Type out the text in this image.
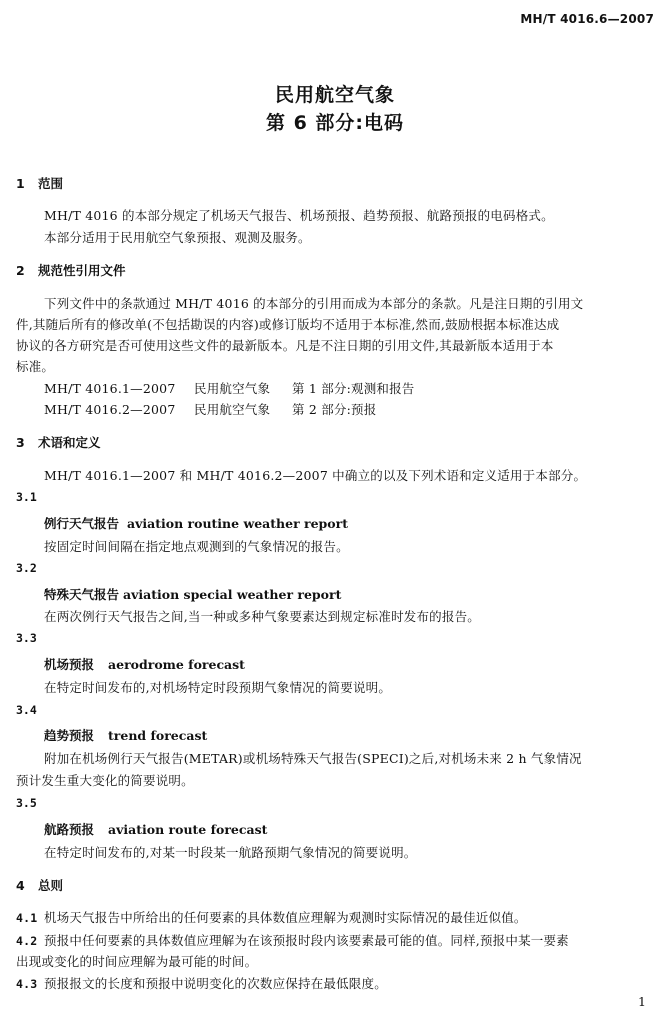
MH/T 4016.6—2007
民用航空气象
第 6 部分:电码
1 范围
MH/T 4016 的本部分规定了机场天气报告、机场预报、趋势预报、航路预报的电码格式。
本部分适用于民用航空气象预报、观测及服务。
2 规范性引用文件
下列文件中的条款通过 MH/T 4016 的本部分的引用而成为本部分的条款。凡是注日期的引用文
件,其随后所有的修改单(不包括勘误的内容)或修订版均不适用于本标准,然而,鼓励根据本标准达成
协议的各方研究是否可使用这些文件的最新版本。凡是不注日期的引用文件,其最新版本适用于本
标准。
MH/T 4016.1—2007 民用航空气象 第 1 部分:观测和报告
MH/T 4016.2—2007 民用航空气象 第 2 部分:预报
3 术语和定义
MH/T 4016.1—2007 和 MH/T 4016.2—2007 中确立的以及下列术语和定义适用于本部分。
3.1
例行天气报告 aviation routine weather report
按固定时间间隔在指定地点观测到的气象情况的报告。
3.2
特殊天气报告 aviation special weather report
在两次例行天气报告之间,当一种或多种气象要素达到规定标准时发布的报告。
3.3
机场预报 aerodrome forecast
在特定时间发布的,对机场特定时段预期气象情况的简要说明。
3.4
趋势预报 trend forecast
附加在机场例行天气报告(METAR)或机场特殊天气报告(SPECI)之后,对机场未来 2 h 气象情况
预计发生重大变化的简要说明。
3.5
航路预报 aviation route forecast
在特定时间发布的,对某一时段某一航路预期气象情况的简要说明。
4 总则
4.1 机场天气报告中所给出的任何要素的具体数值应理解为观测时实际情况的最佳近似值。
4.2 预报中任何要素的具体数值应理解为在该预报时段内该要素最可能的值。同样,预报中某一要素
出现或变化的时间应理解为最可能的时间。
4.3 预报报文的长度和预报中说明变化的次数应保持在最低限度。
1
